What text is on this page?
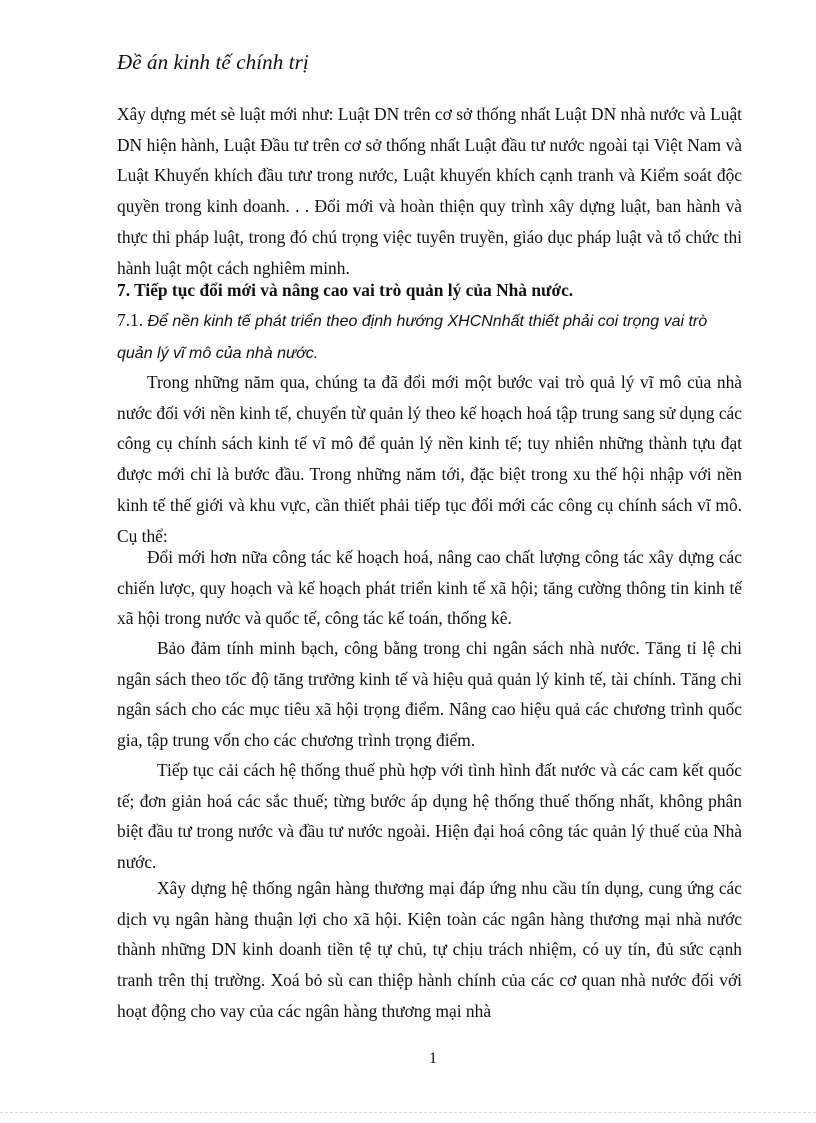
Đề án kinh tế chính trị

Xây dựng mét sè luật mới như: Luật DN trên cơ sở thống nhất Luật DN nhà nước và Luật DN hiện hành, Luật Đầu tư trên cơ sở thống nhất Luật đầu tư nước ngoài tại Việt Nam và Luật Khuyến khích đầu tưư trong nước, Luật khuyến khích cạnh tranh và Kiểm soát độc quyền trong kinh doanh. . . Đổi mới và hoàn thiện quy trình xây dựng luật, ban hành và thực thi pháp luật, trong đó chú trọng việc tuyên truyền, giáo dục pháp luật và tổ chức thi hành luật một cách nghiêm minh.

7. Tiếp tục đổi mới và nâng cao vai trò quản lý của Nhà nước.
7.1. Để nền kinh tế phát triển theo định hướng XHCNnhất thiết phải coi trọng vai trò quản lý vĩ mô của nhà nước.

Trong những năm qua, chúng ta đã đổi mới một bước vai trò quả lý vĩ mô của nhà nước đối với nền kinh tế, chuyển từ quản lý theo kế hoạch hoá tập trung sang sử dụng các công cụ chính sách kinh tế vĩ mô để quản lý nền kinh tế; tuy nhiên những thành tựu đạt được mới chỉ là bước đầu. Trong những năm tới, đặc biệt trong xu thế hội nhập với nền kinh tế thế giới và khu vực, cần thiết phải tiếp tục đổi mới các công cụ chính sách vĩ mô. Cụ thể:

Đổi mới hơn nữa công tác kế hoạch hoá, nâng cao chất lượng công tác xây dựng các chiến lược, quy hoạch và kế hoạch phát triển kinh tế xã hội; tăng cường thông tin kinh tế xã hội trong nước và quốc tế, công tác kế toán, thống kê.

Bảo đảm tính minh bạch, công bằng trong chi ngân sách nhà nước. Tăng tỉ lệ chi ngân sách theo tốc độ tăng trưởng kinh tế và hiệu quả quản lý kinh tế, tài chính. Tăng chi ngân sách cho các mục tiêu xã hội trọng điểm. Nâng cao hiệu quả các chương trình quốc gia, tập trung vốn cho các chương trình trọng điểm.

Tiếp tục cải cách hệ thống thuế phù hợp với tình hình đất nước và các cam kết quốc tế; đơn giản hoá các sắc thuế; từng bước áp dụng hệ thống thuế thống nhất, không phân biệt đầu tư trong nước và đầu tư nước ngoài. Hiện đại hoá công tác quản lý thuế của Nhà nước.

Xây dựng hệ thống ngân hàng thương mại đáp ứng nhu cầu tín dụng, cung ứng các dịch vụ ngân hàng thuận lợi cho xã hội. Kiện toàn các ngân hàng thương mại nhà nước thành những DN kinh doanh tiền tệ tự chủ, tự chịu trách nhiệm, có uy tín, đủ sức cạnh tranh trên thị trường. Xoá bỏ sù can thiệp hành chính của các cơ quan nhà nước đối với hoạt động cho vay của các ngân hàng thương mại nhà

1
